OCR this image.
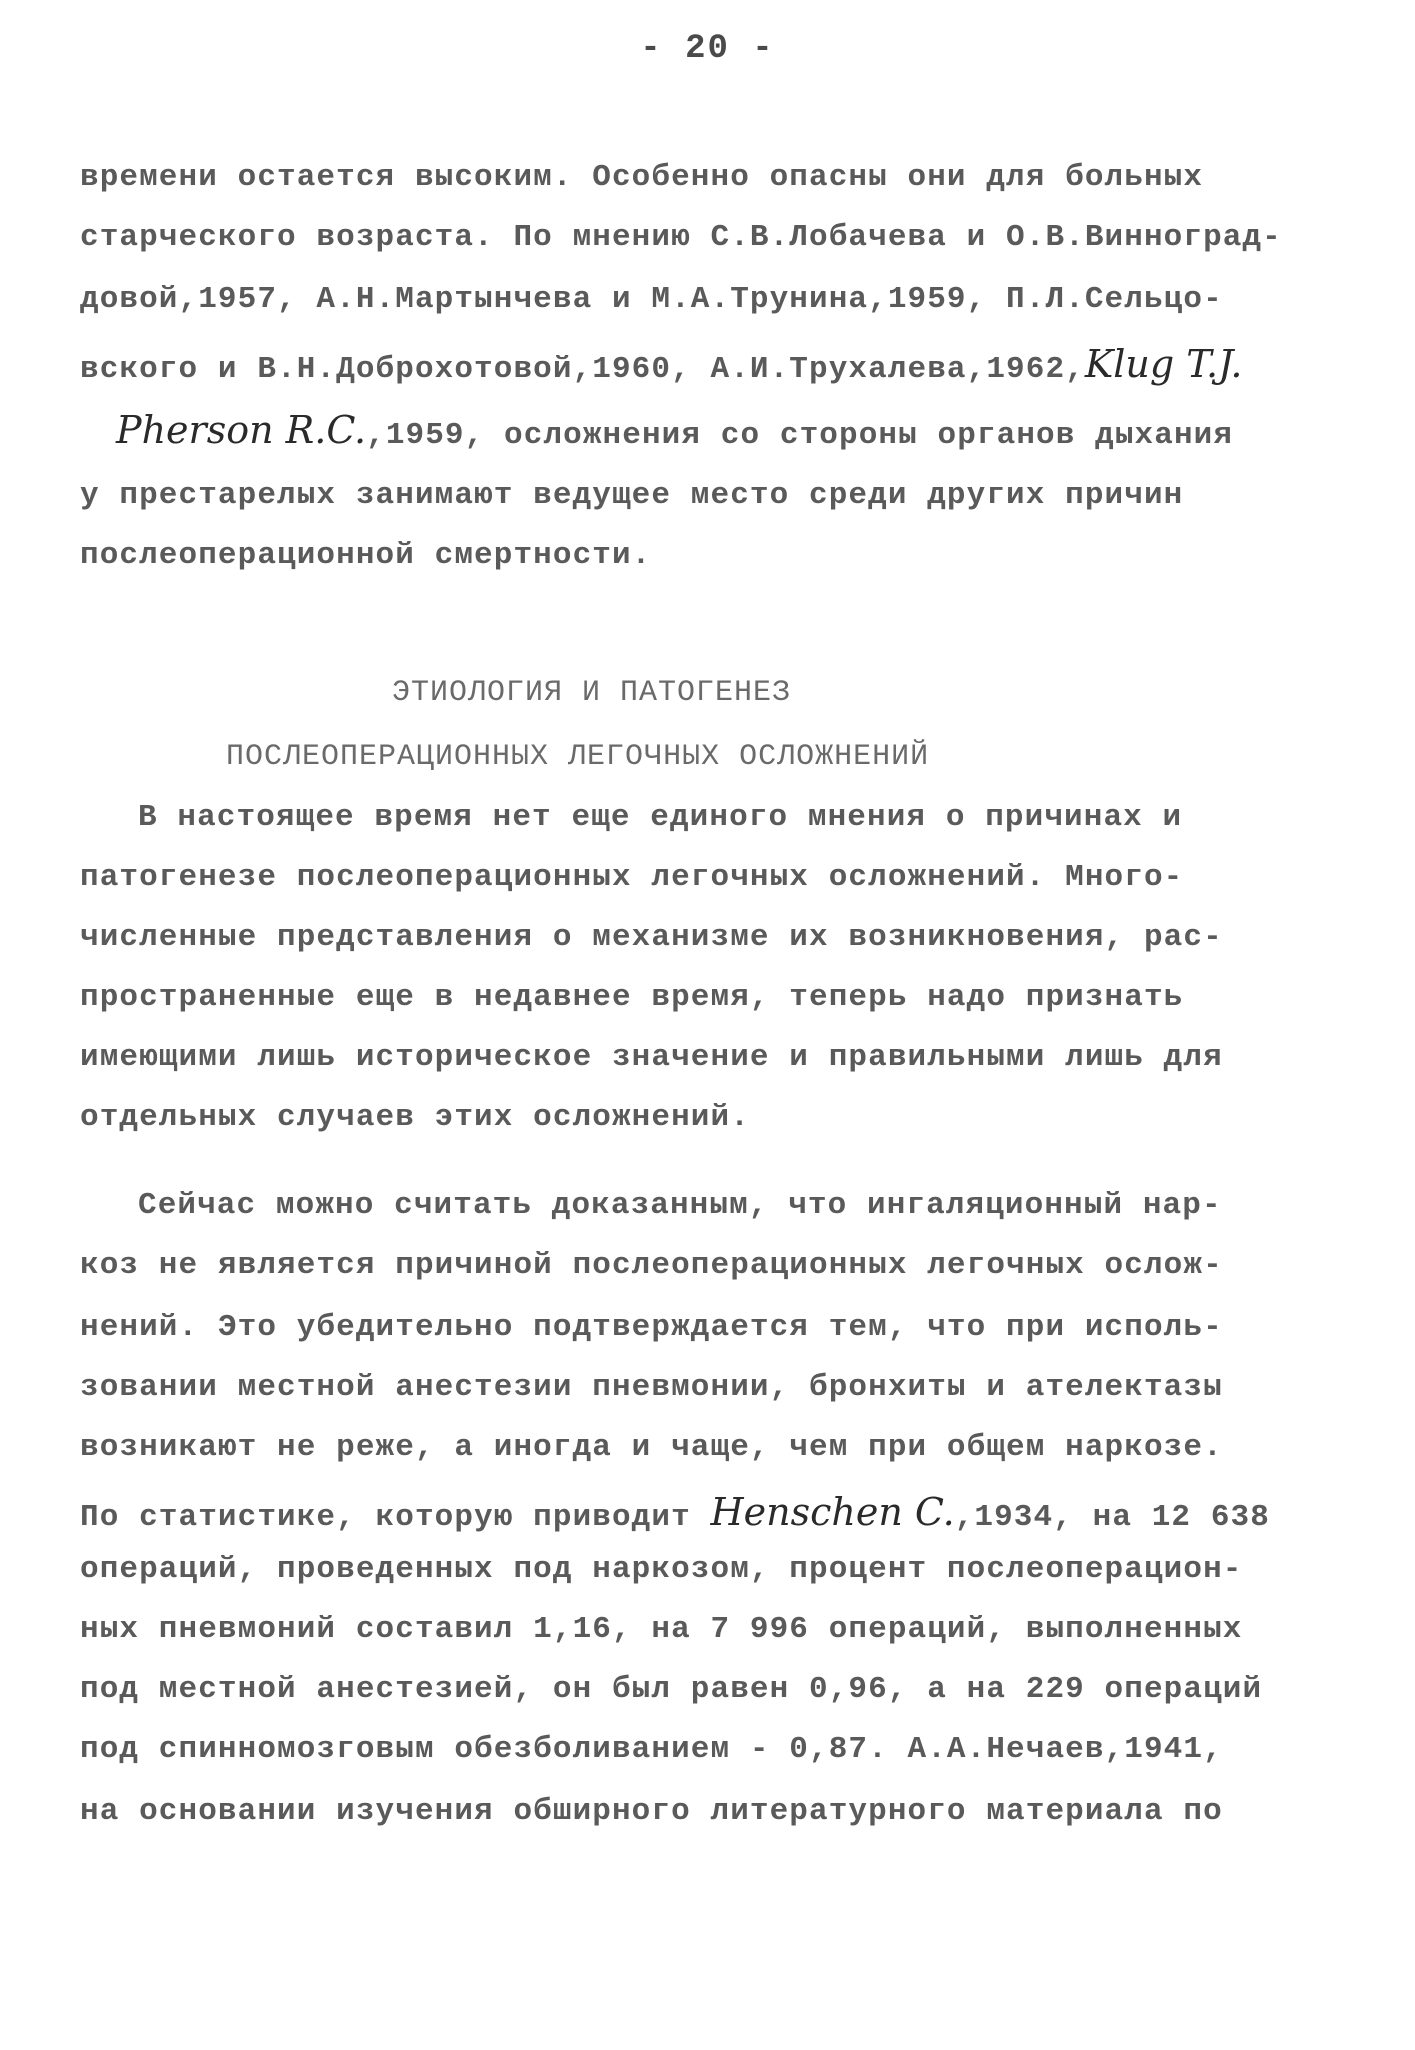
- 20 -
времени остается высоким. Особенно опасны они для больных
старческого возраста. По мнению С.В.Лобачева и О.В.Винноград-
довой,1957, А.Н.Мартынчева и М.А.Трунина,1959, П.Л.Сельцо-
вского и В.Н.Доброхотовой,1960, А.И.Трухалева,1962,Klug T.J.
Pherson R.C.,1959, осложнения со стороны органов дыхания
у престарелых занимают ведущее место среди других причин
послеоперационной смертности.
ЭТИОЛОГИЯ И ПАТОГЕНЕЗ
ПОСЛЕОПЕРАЦИОННЫХ ЛЕГОЧНЫХ ОСЛОЖНЕНИЙ
В настоящее время нет еще единого мнения о причинах и
патогенезе послеоперационных легочных осложнений. Много-
численные представления о механизме их возникновения, рас-
пространенные еще в недавнее время, теперь надо признать
имеющими лишь историческое значение и правильными лишь для
отдельных случаев этих осложнений.
Сейчас можно считать доказанным, что ингаляционный нар-
коз не является причиной послеоперационных легочных ослож-
нений. Это убедительно подтверждается тем, что при исполь-
зовании местной анестезии пневмонии, бронхиты и ателектазы
возникают не реже, а иногда и чаще, чем при общем наркозе.
По статистике, которую приводит Henschen C.,1934, на 12 638
операций, проведенных под наркозом, процент послеоперацион-
ных пневмоний составил 1,16, на 7 996 операций, выполненных
под местной анестезией, он был равен 0,96, а на 229 операций
под спинномозговым обезболиванием - 0,87. А.А.Нечаев,1941,
на основании изучения обширного литературного материала по
